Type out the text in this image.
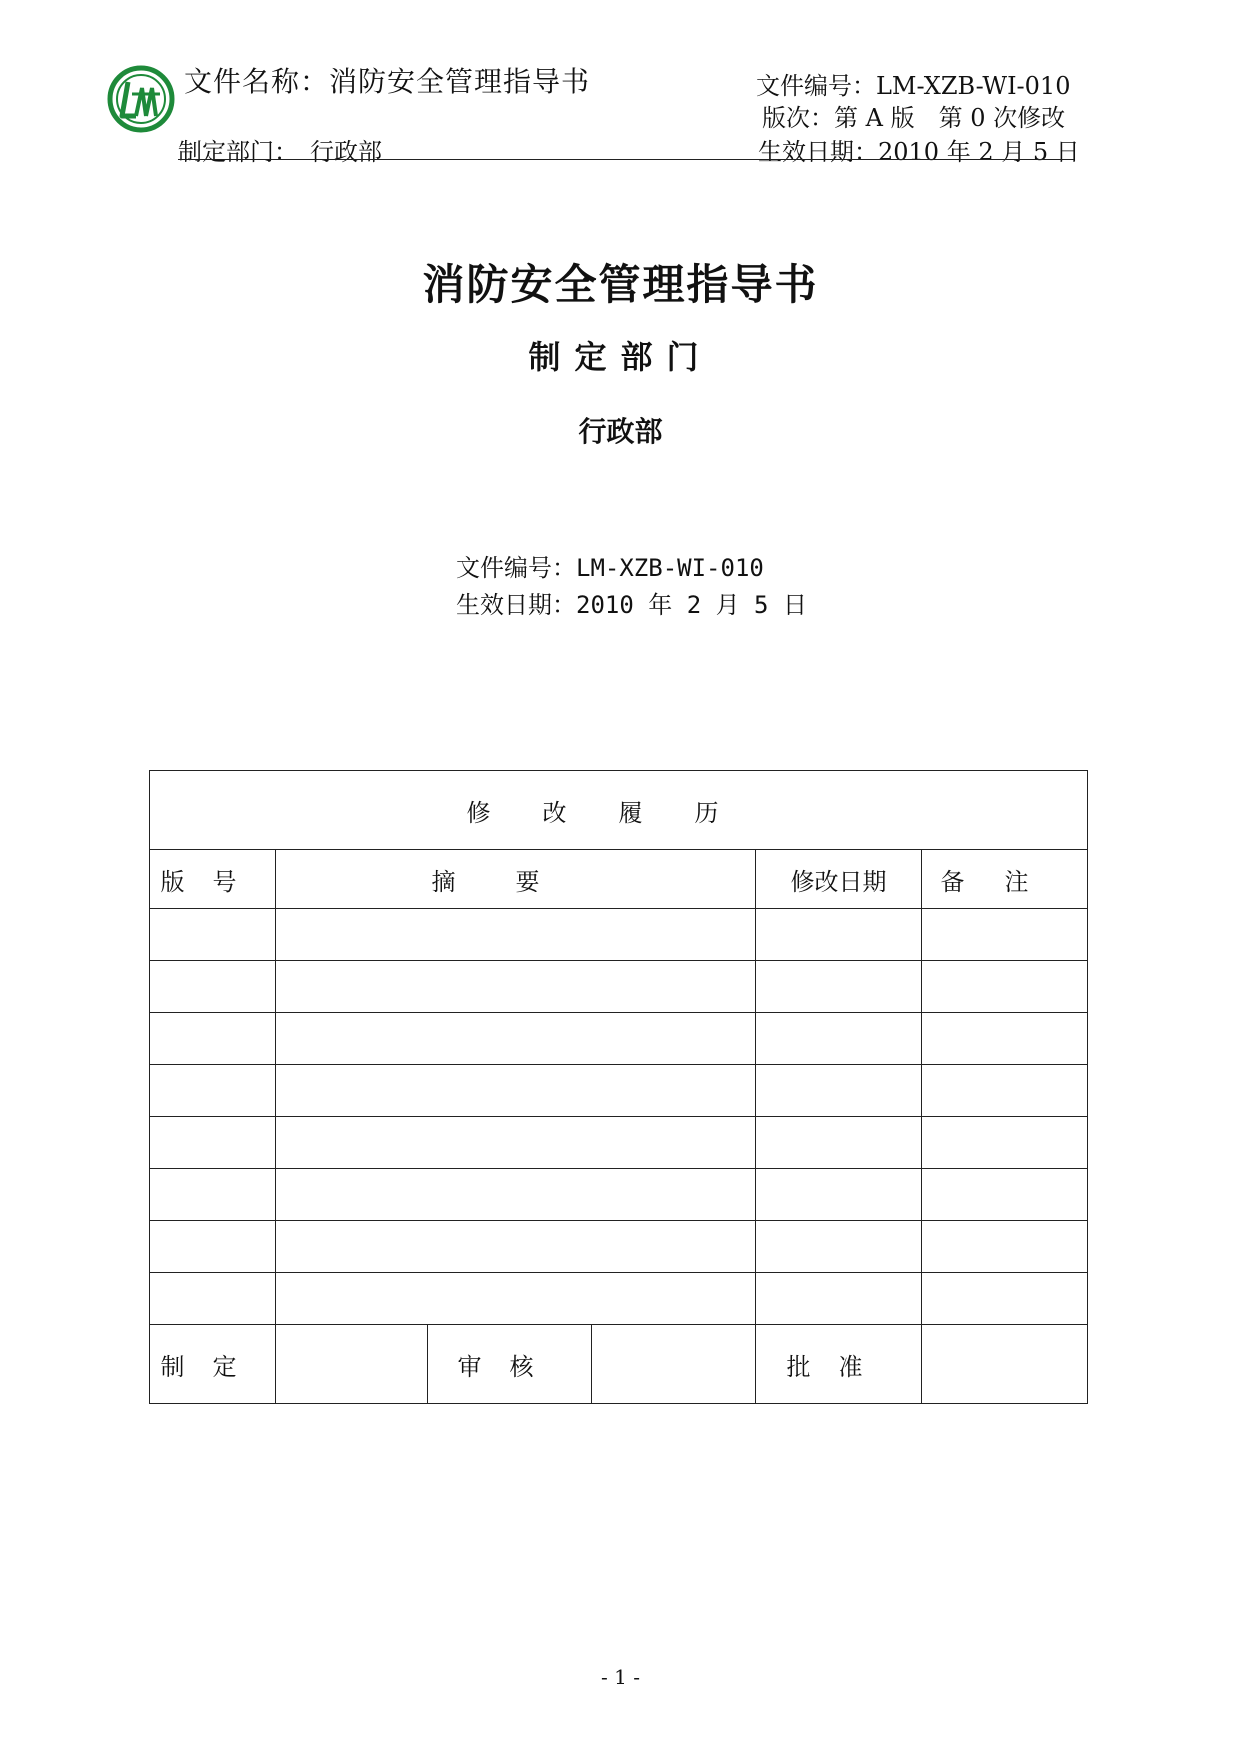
文件名称：消防安全管理指导书	文件编号：LM-XZB-WI-010
版次：第 A 版　第 0 次修改
制定部门：　行政部	生效日期：2010 年 2 月 5 日
消防安全管理指导书
制定部门
行政部
文件编号：LM-XZB-WI-010
生效日期：2010 年 2 月 5 日
修改履历					
版号	摘要			修改日期	备注

制定		审核		批准	
- 1 -
